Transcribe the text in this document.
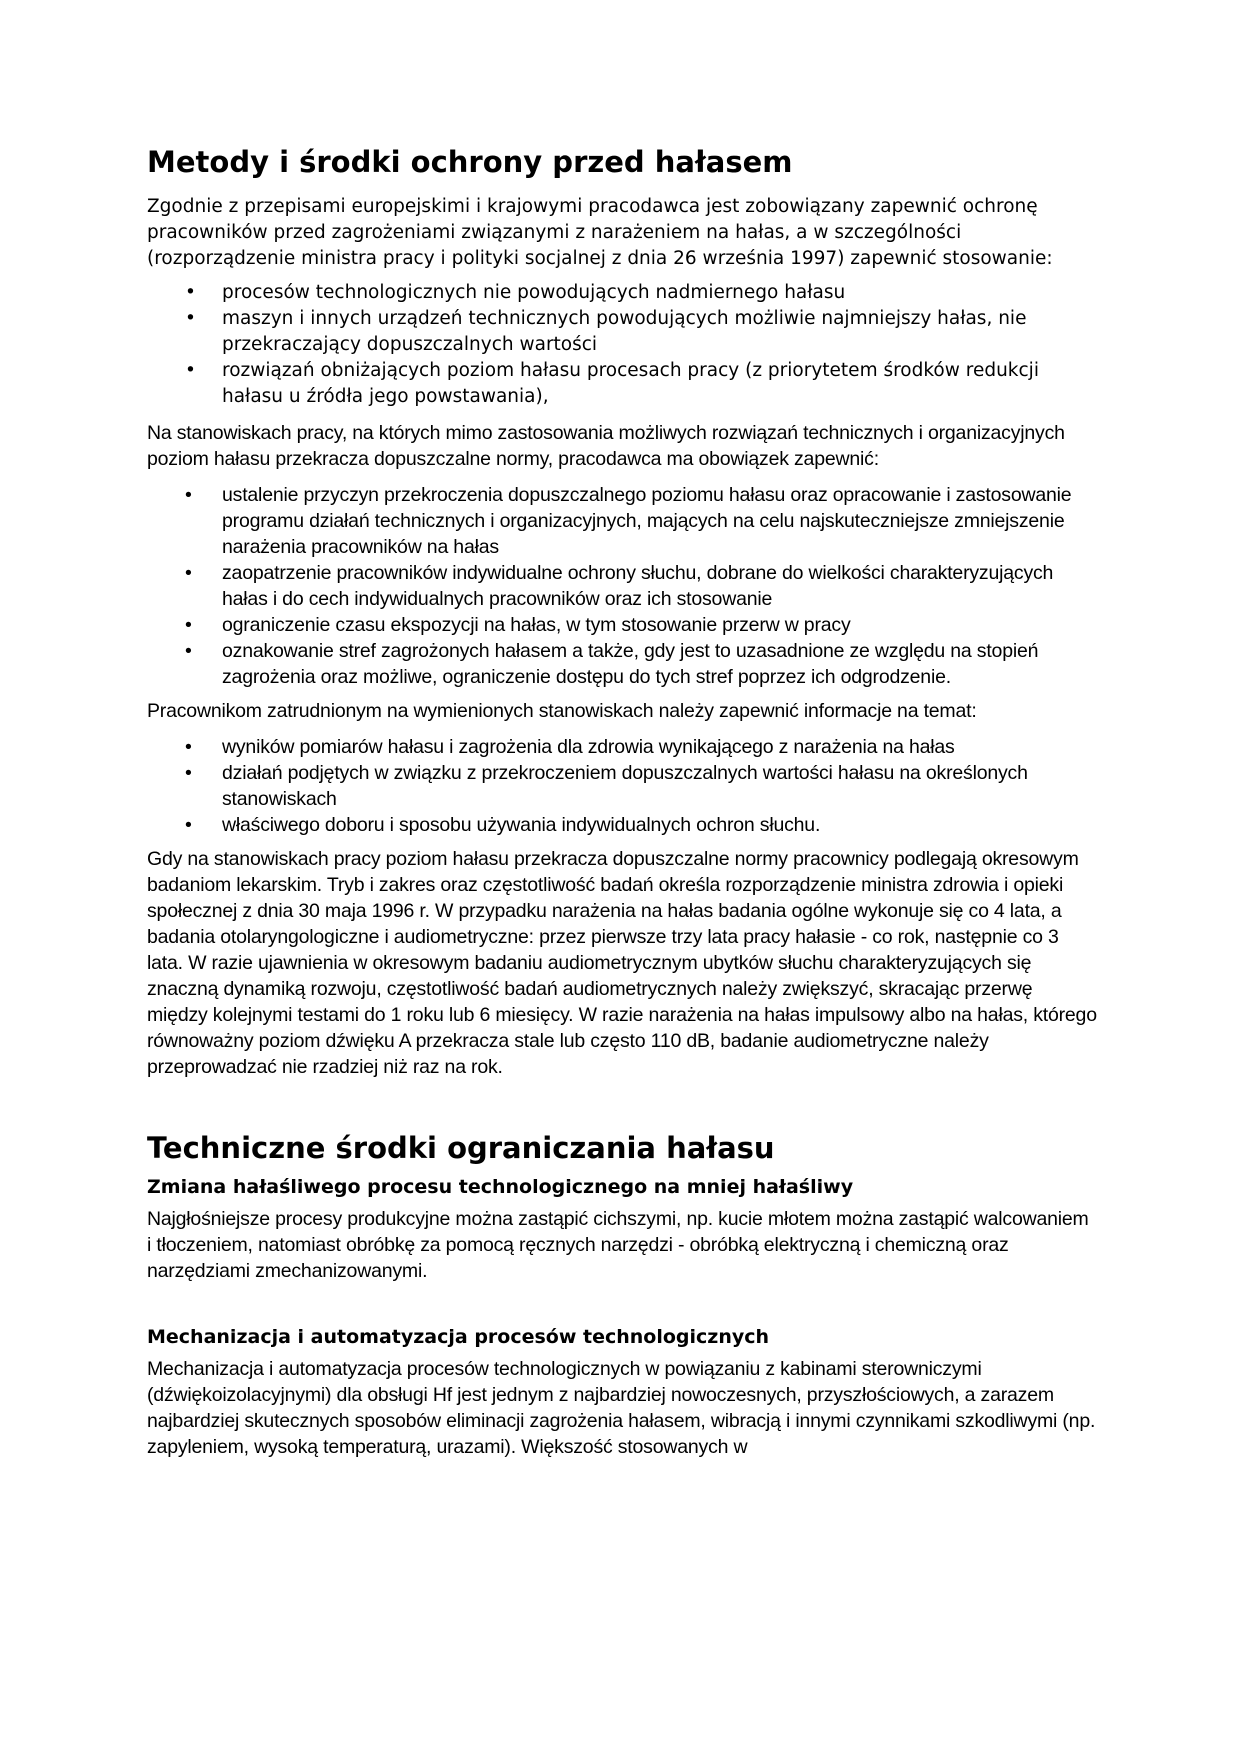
Metody i środki ochrony przed hałasem

Zgodnie z przepisami europejskimi i krajowymi pracodawca jest zobowiązany zapewnić ochronę pracowników przed zagrożeniami związanymi z narażeniem na hałas, a w szczególności (rozporządzenie ministra pracy i polityki socjalnej z dnia 26 września 1997) zapewnić stosowanie:

• procesów technologicznych nie powodujących nadmiernego hałasu
• maszyn i innych urządzeń technicznych powodujących możliwie najmniejszy hałas, nie przekraczający dopuszczalnych wartości
• rozwiązań obniżających poziom hałasu procesach pracy (z priorytetem środków redukcji hałasu u źródła jego powstawania),

Na stanowiskach pracy, na których mimo zastosowania możliwych rozwiązań technicznych i organizacyjnych poziom hałasu przekracza dopuszczalne normy, pracodawca ma obowiązek zapewnić:

• ustalenie przyczyn przekroczenia dopuszczalnego poziomu hałasu oraz opracowanie i zastosowanie programu działań technicznych i organizacyjnych, mających na celu najskuteczniejsze zmniejszenie narażenia pracowników na hałas
• zaopatrzenie pracowników indywidualne ochrony słuchu, dobrane do wielkości charakteryzujących hałas i do cech indywidualnych pracowników oraz ich stosowanie
• ograniczenie czasu ekspozycji na hałas, w tym stosowanie przerw w pracy
• oznakowanie stref zagrożonych hałasem a także, gdy jest to uzasadnione ze względu na stopień zagrożenia oraz możliwe, ograniczenie dostępu do tych stref poprzez ich odgrodzenie.

Pracownikom zatrudnionym na wymienionych stanowiskach należy zapewnić informacje na temat:

• wyników pomiarów hałasu i zagrożenia dla zdrowia wynikającego z narażenia na hałas
• działań podjętych w związku z przekroczeniem dopuszczalnych wartości hałasu na określonych stanowiskach
• właściwego doboru i sposobu używania indywidualnych ochron słuchu.

Gdy na stanowiskach pracy poziom hałasu przekracza dopuszczalne normy pracownicy podlegają okresowym badaniom lekarskim. Tryb i zakres oraz częstotliwość badań określa rozporządzenie ministra zdrowia i opieki społecznej z dnia 30 maja 1996 r. W przypadku narażenia na hałas badania ogólne wykonuje się co 4 lata, a badania otolaryngologiczne i audiometryczne: przez pierwsze trzy lata pracy hałasie - co rok, następnie co 3 lata. W razie ujawnienia w okresowym badaniu audiometrycznym ubytków słuchu charakteryzujących się znaczną dynamiką rozwoju, częstotliwość badań audiometrycznych należy zwiększyć, skracając przerwę między kolejnymi testami do 1 roku lub 6 miesięcy. W razie narażenia na hałas impulsowy albo na hałas, którego równoważny poziom dźwięku A przekracza stale lub często 110 dB, badanie audiometryczne należy przeprowadzać nie rzadziej niż raz na rok.

Techniczne środki ograniczania hałasu
Zmiana hałaśliwego procesu technologicznego na mniej hałaśliwy

Najgłośniejsze procesy produkcyjne można zastąpić cichszymi, np. kucie młotem można zastąpić walcowaniem i tłoczeniem, natomiast obróbkę za pomocą ręcznych narzędzi - obróbką elektryczną i chemiczną oraz narzędziami zmechanizowanymi.

Mechanizacja i automatyzacja procesów technologicznych

Mechanizacja i automatyzacja procesów technologicznych w powiązaniu z kabinami sterowniczymi (dźwiękoizolacyjnymi) dla obsługi Hf jest jednym z najbardziej nowoczesnych, przyszłościowych, a zarazem najbardziej skutecznych sposobów eliminacji zagrożenia hałasem, wibracją i innymi czynnikami szkodliwymi (np. zapyleniem, wysoką temperaturą, urazami). Większość stosowanych w
